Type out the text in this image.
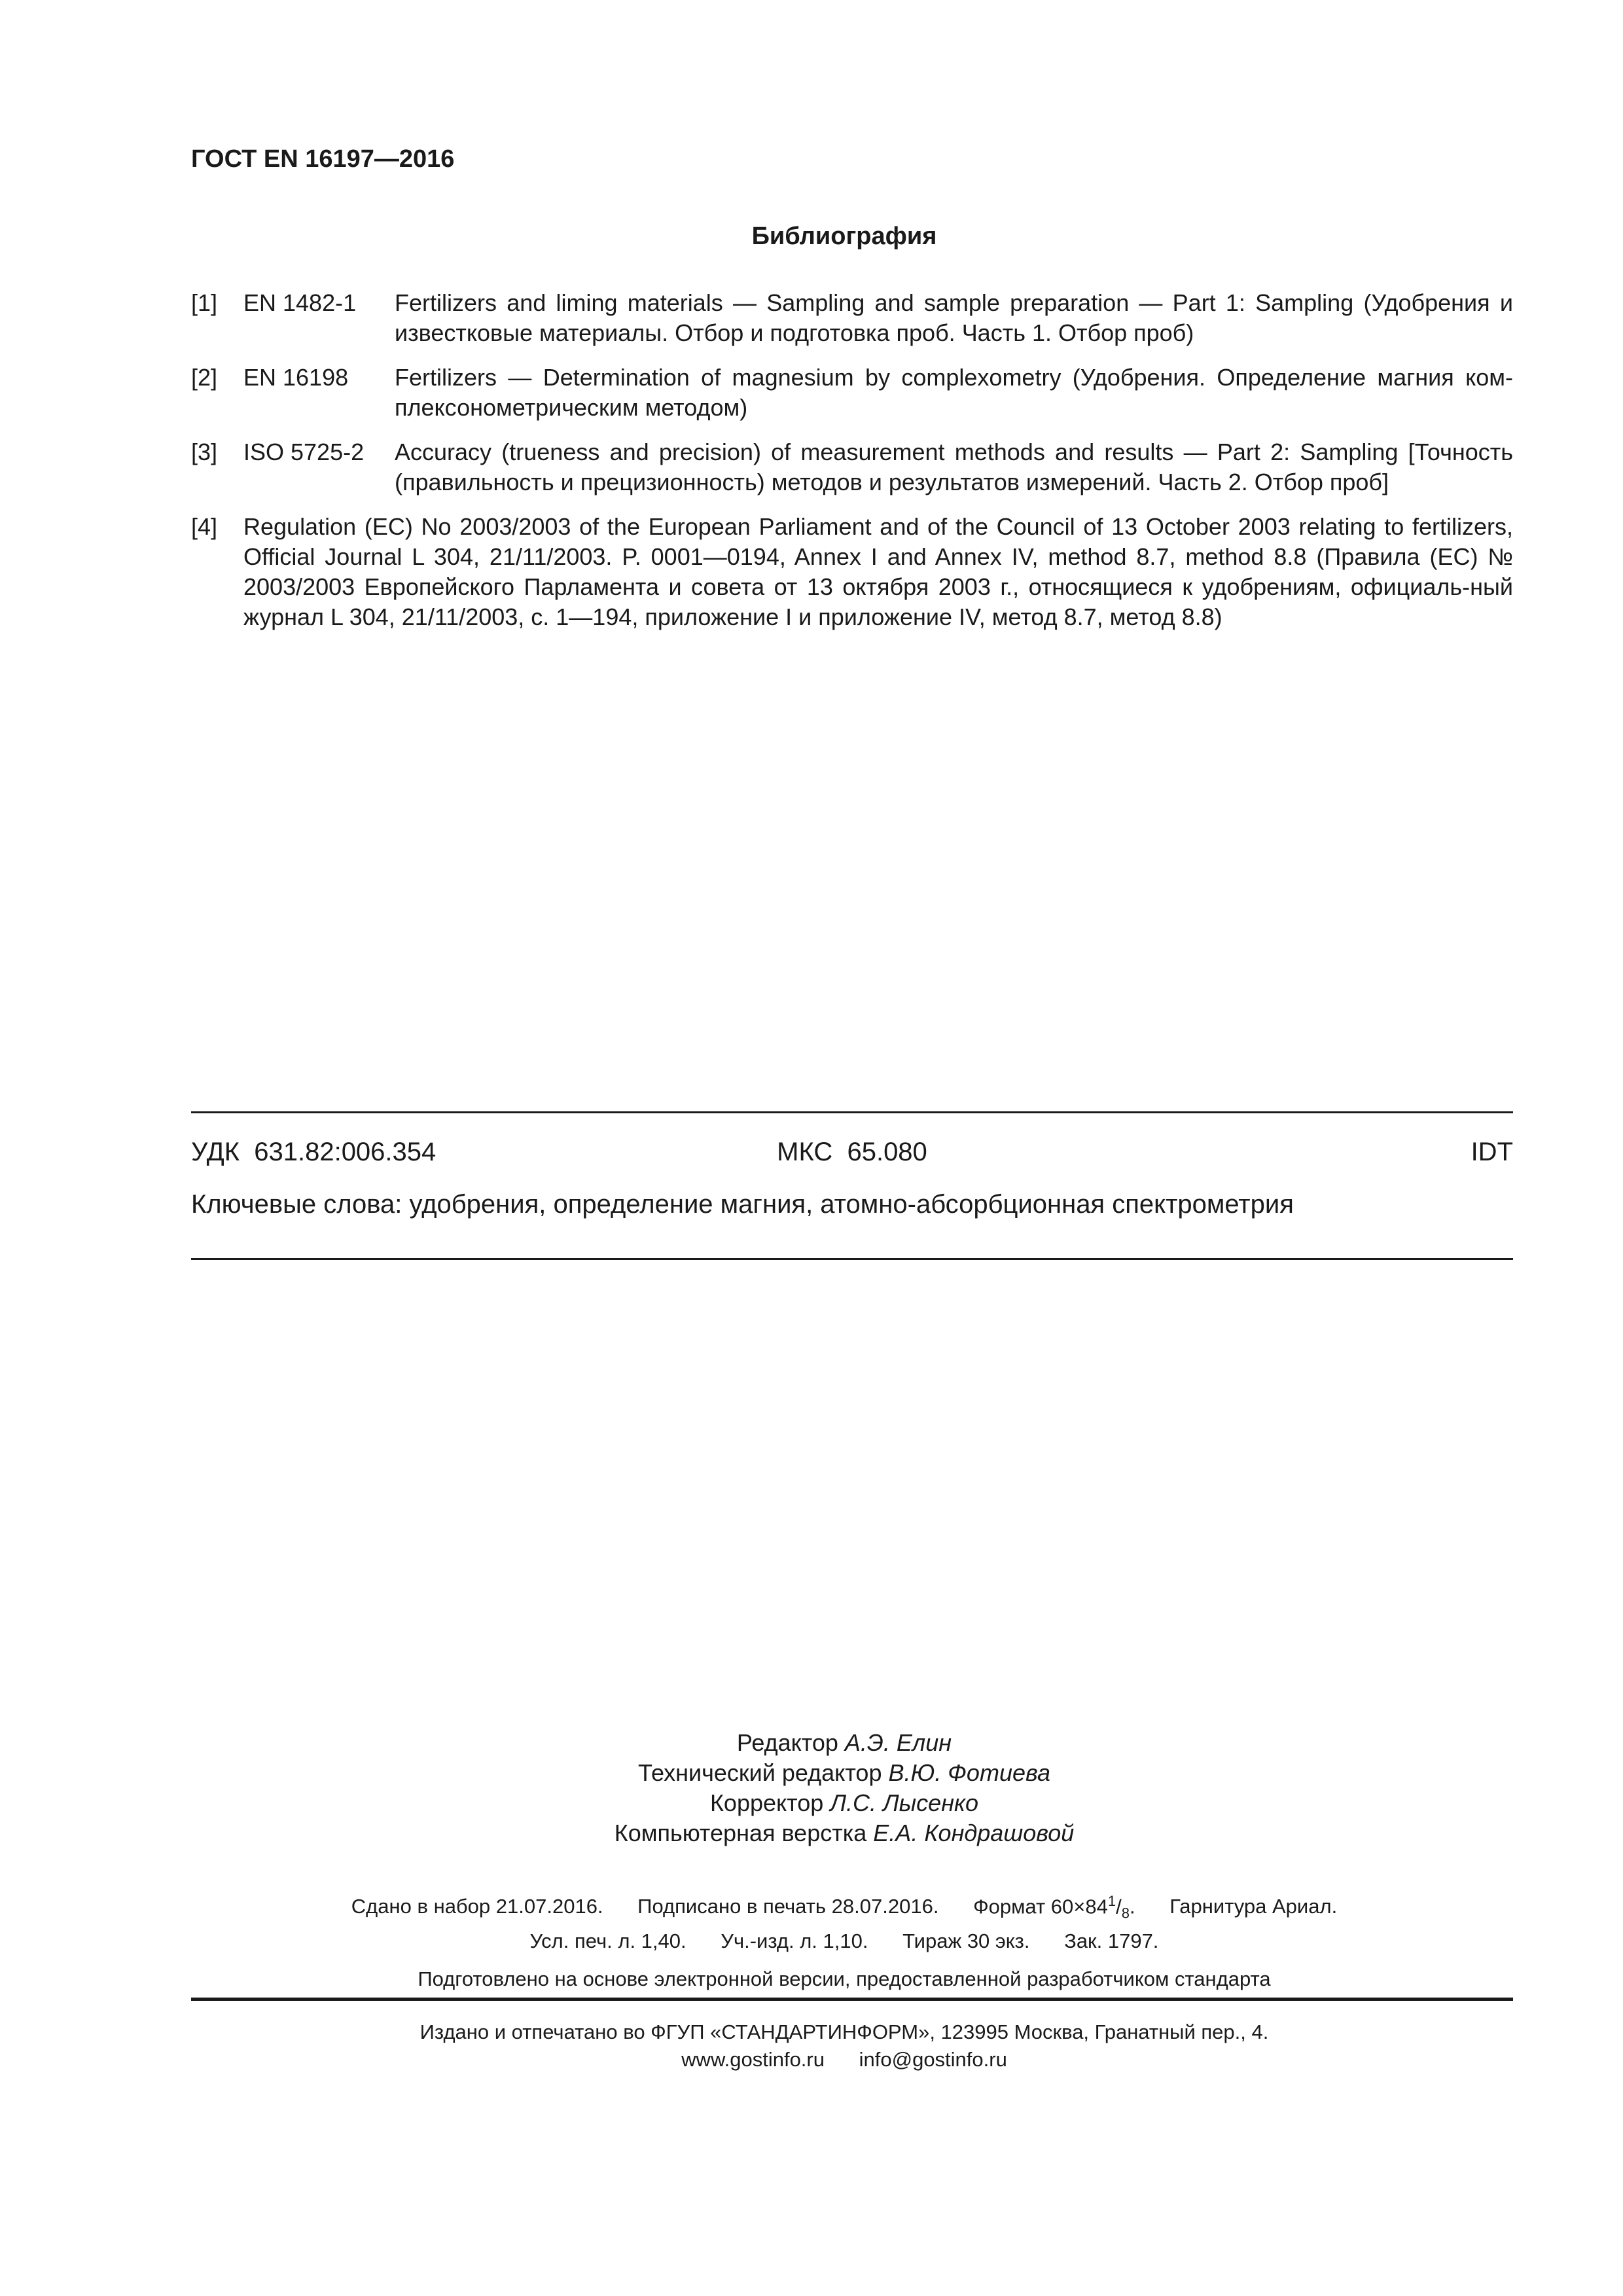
ГОСТ EN 16197—2016
Библиография
[1] EN 1482-1 Fertilizers and liming materials — Sampling and sample preparation — Part 1: Sampling (Удобрения и известковые материалы. Отбор и подготовка проб. Часть 1. Отбор проб)
[2] EN 16198 Fertilizers — Determination of magnesium by complexometry (Удобрения. Определение магния ком-плексонометрическим методом)
[3] ISO 5725-2 Accuracy (trueness and precision) of measurement methods and results — Part 2: Sampling [Точность (правильность и прецизионность) методов и результатов измерений. Часть 2. Отбор проб]
[4] Regulation (EC) No 2003/2003 of the European Parliament and of the Council of 13 October 2003 relating to fertilizers, Official Journal L 304, 21/11/2003. P. 0001—0194, Annex I and Annex IV, method 8.7, method 8.8 (Правила (ЕС) № 2003/2003 Европейского Парламента и совета от 13 октября 2003 г., относящиеся к удобрениям, официаль-ный журнал L 304, 21/11/2003, с. 1—194, приложение I и приложение IV, метод 8.7, метод 8.8)
УДК  631.82:006.354	МКС  65.080	IDT
Ключевые слова: удобрения, определение магния, атомно-абсорбционная спектрометрия
Редактор А.Э. Елин
Технический редактор В.Ю. Фотиева
Корректор Л.С. Лысенко
Компьютерная верстка Е.А. Кондрашовой
Сдано в набор 21.07.2016. Подписано в печать 28.07.2016. Формат $60\times 84^1/_8$. Гарнитура Ариал.
Усл. печ. л. 1,40. Уч.-изд. л. 1,10. Тираж 30 экз. Зак. 1797.
Подготовлено на основе электронной версии, предоставленной разработчиком стандарта
Издано и отпечатано во ФГУП «СТАНДАРТИНФОРМ», 123995 Москва, Гранатный пер., 4.
www.gostinfo.ru info@gostinfo.ru
